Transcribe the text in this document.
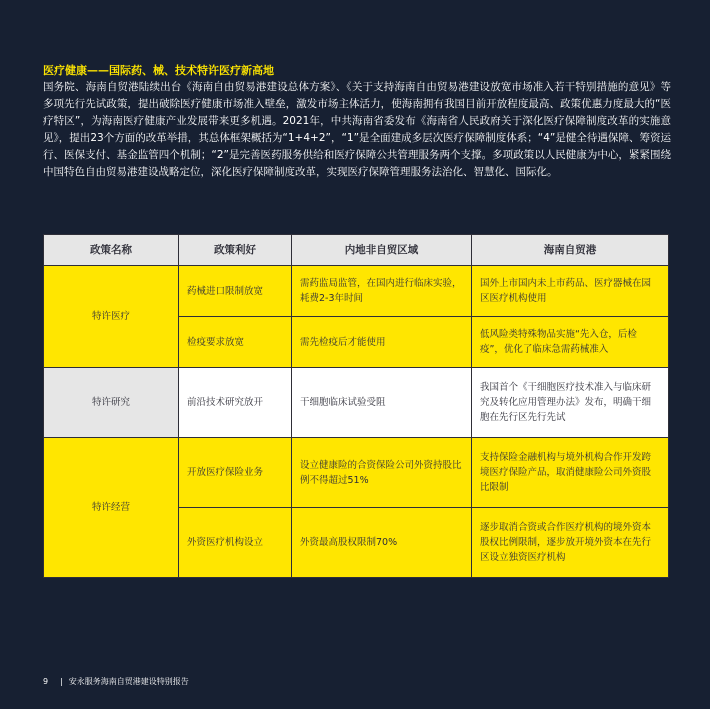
医疗健康——国际药、械、技术特许医疗新高地

国务院、海南自贸港陆续出台《海南自由贸易港建设总体方案》、《关于支持海南自由贸易港建设放宽市场准入若干特别措施的意见》等多项先行先试政策，提出破除医疗健康市场准入壁垒，激发市场主体活力，使海南拥有我国目前开放程度最高、政策优惠力度最大的“医疗特区”，为海南医疗健康产业发展带来更多机遇。2021年，中共海南省委发布《海南省人民政府关于深化医疗保障制度改革的实施意见》，提出23个方面的改革举措，其总体框架概括为“1+4+2”，“1”是全面建成多层次医疗保障制度体系；“4”是健全待遇保障、筹资运行、医保支付、基金监管四个机制；“2”是完善医药服务供给和医疗保障公共管理服务两个支撑。多项政策以人民健康为中心，紧紧围绕中国特色自由贸易港建设战略定位，深化医疗保障制度改革，实现医疗保障管理服务法治化、智慧化、国际化。

政策名称	政策利好	内地非自贸区域	海南自贸港
特许医疗	药械进口限制放宽	需药监局监管，在国内进行临床实验，耗费2-3年时间	国外上市国内未上市药品、医疗器械在园区医疗机构使用
	检疫要求放宽	需先检疫后才能使用	低风险类特殊物品实施“先入仓，后检疫”，优化了临床急需药械准入
特许研究	前沿技术研究放开	干细胞临床试验受阻	我国首个《干细胞医疗技术准入与临床研究及转化应用管理办法》发布，明确干细胞在先行区先行先试
特许经营	开放医疗保险业务	设立健康险的合资保险公司外资持股比例不得超过51%	支持保险金融机构与境外机构合作开发跨境医疗保险产品，取消健康险公司外资股比限制
	外资医疗机构设立	外资最高股权限制70%	逐步取消合资或合作医疗机构的境外资本股权比例限制，逐步放开境外资本在先行区设立独资医疗机构
9 | 安永服务海南自贸港建设特别报告
